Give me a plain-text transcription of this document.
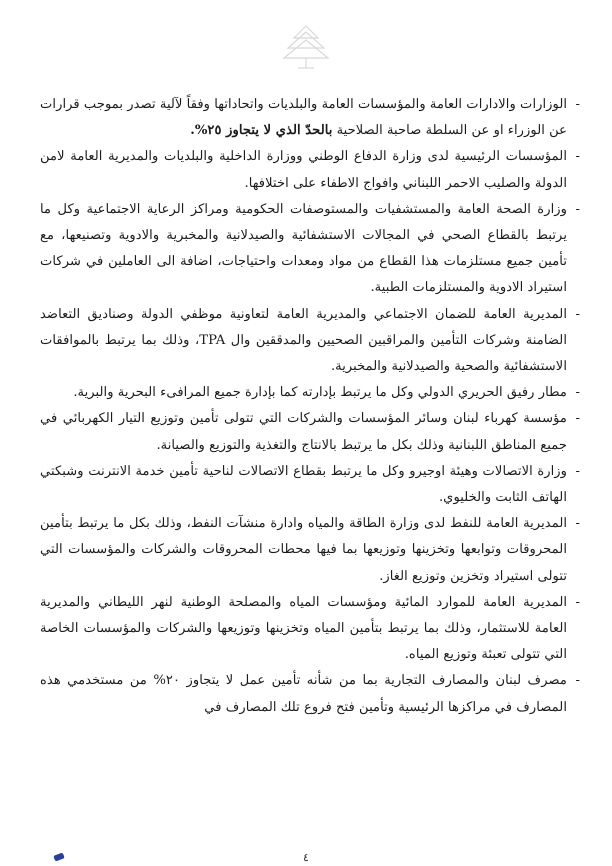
-
الوزارات والادارات العامة والمؤسسات العامة والبلديات واتحاداتها وفقاً لآلية تصدر بموجب قرارات عن الوزراء او عن السلطة صاحبة الصلاحية بالحدّ الذي لا يتجاوز ٢٥%.

-
المؤسسات الرئيسية لدى وزارة الدفاع الوطني ووزارة الداخلية والبلديات والمديرية العامة لامن الدولة والصليب الاحمر اللبناني وافواج الاطفاء على اختلافها.

-
وزارة الصحة العامة والمستشفيات والمستوصفات الحكومية ومراكز الرعاية الاجتماعية وكل ما يرتبط بالقطاع الصحي في المجالات الاستشفائية والصيدلانية والمخبرية والادوية وتصنيعها، مع تأمين جميع مستلزمات هذا القطاع من مواد ومعدات واحتياجات، اضافة الى العاملين في شركات استيراد الادوية والمستلزمات الطبية.

-
المديرية العامة للضمان الاجتماعي والمديرية العامة لتعاونية موظفي الدولة وصناديق التعاضد الضامنة وشركات التأمين والمراقبين الصحيين والمدققين وال TPA، وذلك بما يرتبط بالموافقات الاستشفائية والصحية والصيدلانية والمخبرية.

-
مطار رفيق الحريري الدولي وكل ما يرتبط بإدارته كما بإدارة جميع المرافىء البحرية والبرية.

-
مؤسسة كهرباء لبنان وسائر المؤسسات والشركات التي تتولى تأمين وتوزيع التيار الكهربائي في جميع المناطق اللبنانية وذلك بكل ما يرتبط بالانتاج والتغذية والتوزيع والصيانة.

-
وزارة الاتصالات وهيئة اوجيرو وكل ما يرتبط بقطاع الاتصالات لناحية تأمين خدمة الانترنت وشبكتي الهاتف الثابت والخليوي.

-
المديرية العامة للنفط لدى وزارة الطاقة والمياه وادارة منشآت النفط، وذلك بكل ما يرتبط بتأمين المحروقات وتوابعها وتخزينها وتوزيعها بما فيها محطات المحروقات والشركات والمؤسسات التي تتولى استيراد وتخزين وتوزيع الغاز.

-
المديرية العامة للموارد المائية ومؤسسات المياه والمصلحة الوطنية لنهر الليطاني والمديرية العامة للاستثمار، وذلك بما يرتبط بتأمين المياه وتخزينها وتوزيعها والشركات والمؤسسات الخاصة التي تتولى تعبئة وتوزيع المياه.

-
مصرف لبنان والمصارف التجارية بما من شأنه تأمين عمل لا يتجاوز ٢٠% من مستخدمي هذه المصارف في مراكزها الرئيسية وتأمين فتح فروع تلك المصارف في

٤
